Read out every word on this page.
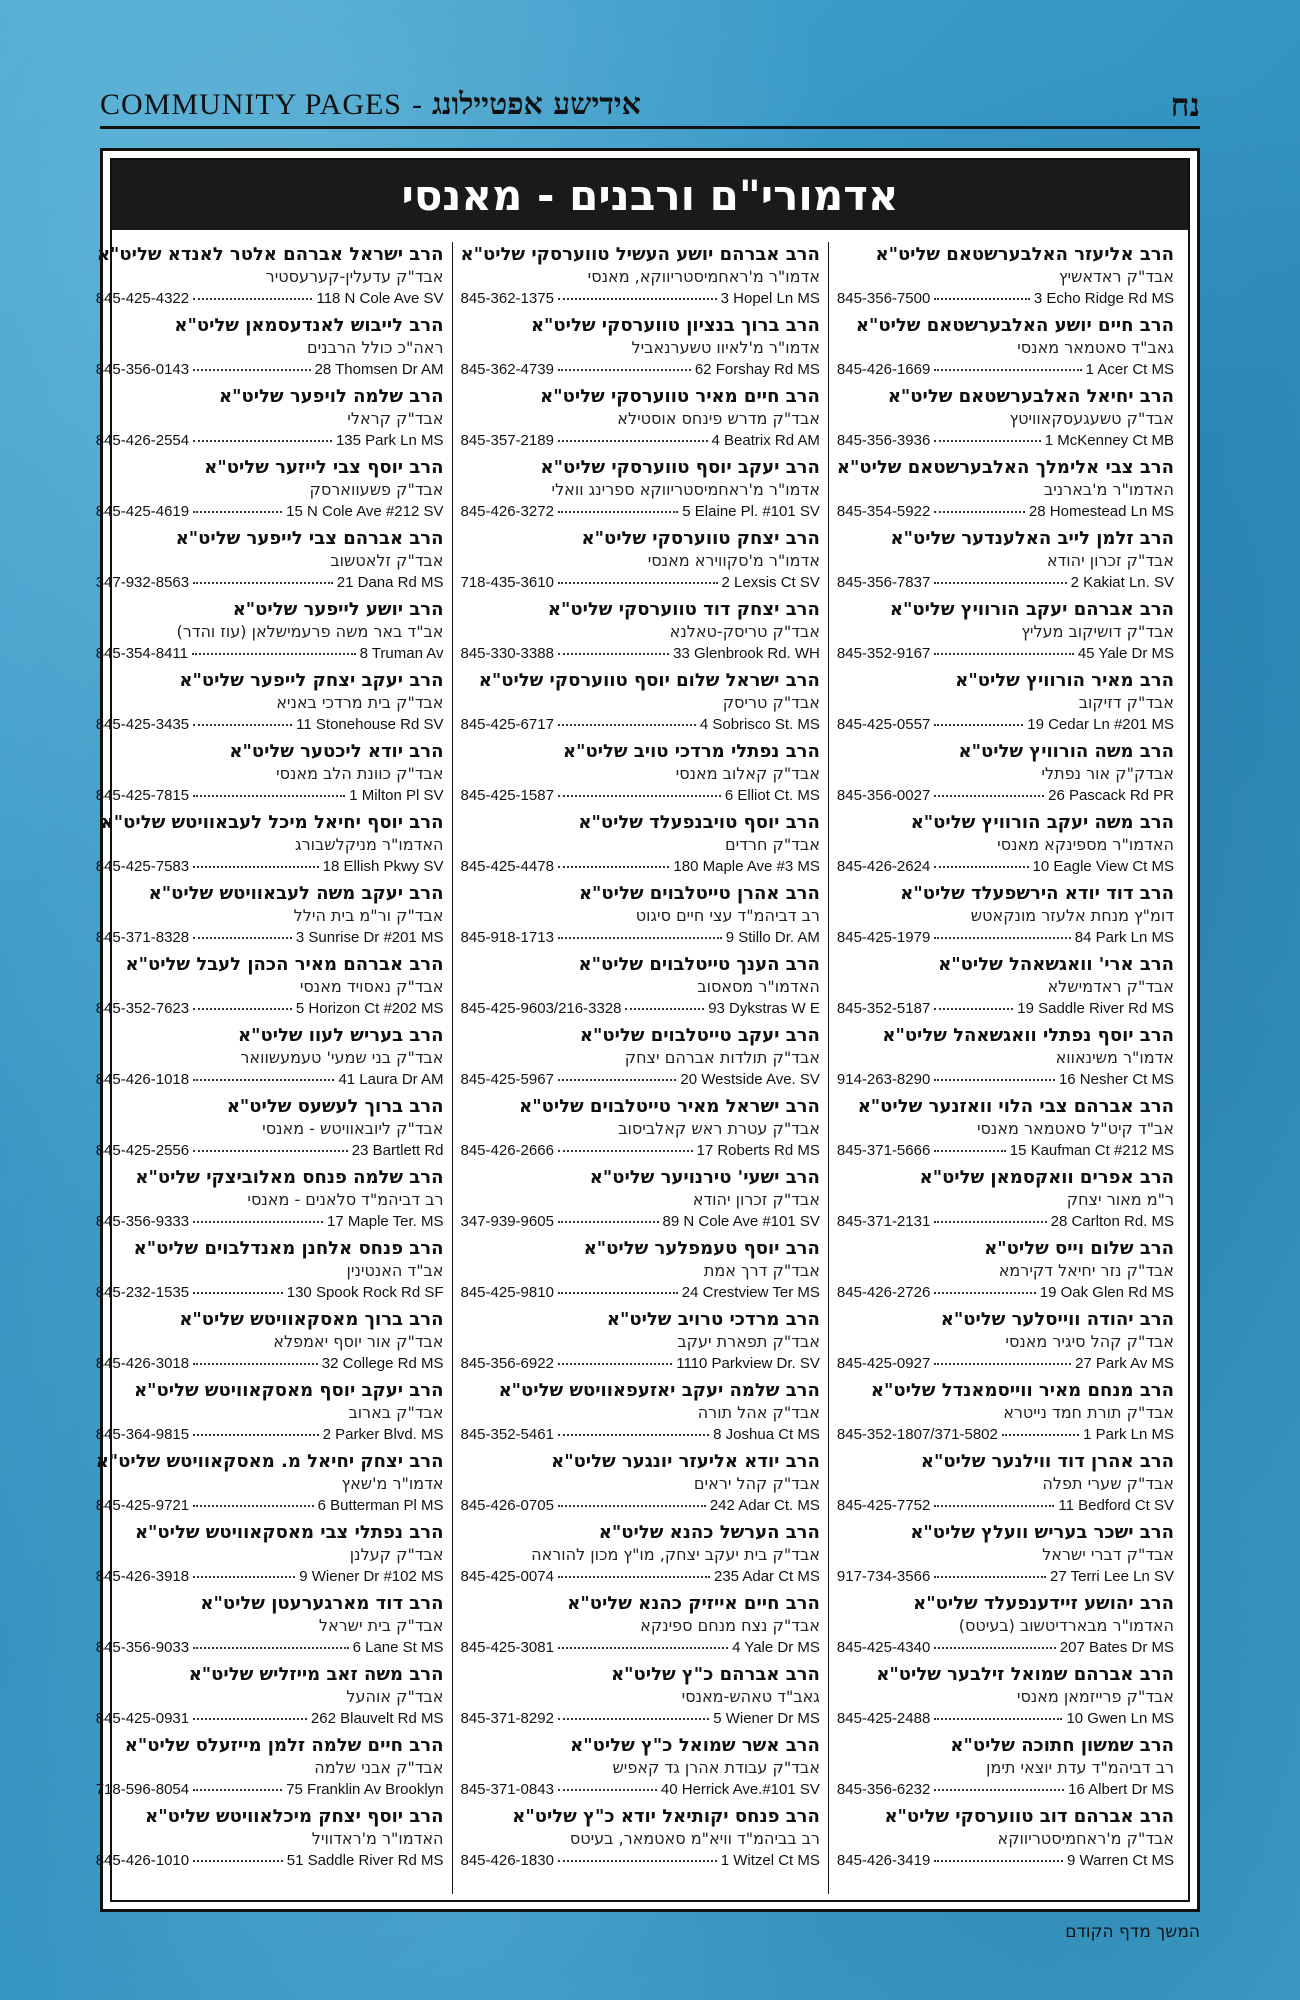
COMMUNITY PAGES - אידישע אפטיילונג	נח
אדמורי"ם ורבנים - מאנסי
הרב אליעזר האלבערשטאם שליט"א
אבד"ק ראדאשיץ
845-356-7500	3 Echo Ridge Rd MS
הרב חיים יושע האלבערשטאם שליט"א
גאב"ד סאטמאר מאנסי
845-426-1669	1 Acer Ct MS
הרב יחיאל האלבערשטאם שליט"א
אבד"ק טשעגעסקאוויטץ
845-356-3936	1 McKenney Ct MB
הרב צבי אלימלך האלבערשטאם שליט"א
האדמו"ר מ'בארניב
845-354-5922	28 Homestead Ln MS
הרב זלמן לייב האלענדער שליט"א
אבד"ק זכרון יהודא
845-356-7837	2 Kakiat Ln. SV
הרב אברהם יעקב הורוויץ שליט"א
אבד"ק דושיקוב מעליץ
845-352-9167	45 Yale Dr MS
הרב מאיר הורוויץ שליט"א
אבד"ק דזיקוב
845-425-0557	19 Cedar Ln #201 MS
הרב משה הורוויץ שליט"א
אבדק"ק אור נפתלי
845-356-0027	26 Pascack Rd PR
הרב משה יעקב הורוויץ שליט"א
האדמו"ר מספינקא מאנסי
845-426-2624	10 Eagle View Ct MS
הרב דוד יודא הירשפעלד שליט"א
דומ"ץ מנחת אלעזר מונקאטש
845-425-1979	84 Park Ln MS
הרב ארי' וואגשאהל שליט"א
אבד"ק ראדמישלא
845-352-5187	19 Saddle River Rd MS
הרב יוסף נפתלי וואגשאהל שליט"א
אדמו"ר משינאווא
914-263-8290	16 Nesher Ct MS
הרב אברהם צבי הלוי וואזנער שליט"א
אב"ד קיט"ל סאטמאר מאנסי
845-371-5666	15 Kaufman Ct #212 MS
הרב אפרים וואקסמאן שליט"א
ר"מ מאור יצחק
845-371-2131	28 Carlton Rd. MS
הרב שלום וייס שליט"א
אבד"ק נזר יחיאל דקירמא
845-426-2726	19 Oak Glen Rd MS
הרב יהודה ווייסלער שליט"א
אבד"ק קהל סיגיר מאנסי
845-425-0927	27 Park Av MS
הרב מנחם מאיר ווייסמאנדל שליט"א
אבד"ק תורת חמד נייטרא
845-352-1807/371-5802	1 Park Ln MS
הרב אהרן דוד ווילנער שליט"א
אבד"ק שערי תפלה
845-425-7752	11 Bedford Ct SV
הרב ישכר בעריש וועלץ שליט"א
אבד"ק דברי ישראל
917-734-3566	27 Terri Lee Ln SV
הרב יהושע זיידענפעלד שליט"א
האדמו"ר מבארדיטשוב (בעיטס)
845-425-4340	207 Bates Dr MS
הרב אברהם שמואל זילבער שליט"א
אבד"ק פרייזמאן מאנסי
845-425-2488	10 Gwen Ln MS
הרב שמשון חתוכה שליט"א
רב דביהמ"ד עדת יוצאי תימן
845-356-6232	16 Albert Dr MS
הרב אברהם דוב טווערסקי שליט"א
אבד"ק מ'ראחמיסטריווקא
845-426-3419	9 Warren Ct MS
הרב אברהם יושע העשיל טווערסקי שליט"א
אדמו"ר מ'ראחמיסטריווקא, מאנסי
845-362-1375	3 Hopel Ln MS
הרב ברוך בנציון טווערסקי שליט"א
אדמו"ר מ'לאיוו טשערנאביל
845-362-4739	62 Forshay Rd MS
הרב חיים מאיר טווערסקי שליט"א
אבד"ק מדרש פינחס אוסטילא
845-357-2189	4 Beatrix Rd AM
הרב יעקב יוסף טווערסקי שליט"א
אדמו"ר מ'ראחמיסטריווקא ספרינג וואלי
845-426-3272	5 Elaine Pl. #101 SV
הרב יצחק טווערסקי שליט"א
אדמו"ר מ'סקווירא מאנסי
718-435-3610	2 Lexsis Ct SV
הרב יצחק דוד טווערסקי שליט"א
אבד"ק טריסק-טאלנא
845-330-3388	33 Glenbrook Rd. WH
הרב ישראל שלום יוסף טווערסקי שליט"א
אבד"ק טריסק
845-425-6717	4 Sobrisco St. MS
הרב נפתלי מרדכי טויב שליט"א
אבד"ק קאלוב מאנסי
845-425-1587	6 Elliot Ct. MS
הרב יוסף טויבנפעלד שליט"א
אבד"ק חרדים
845-425-4478	180 Maple Ave #3 MS
הרב אהרן טייטלבוים שליט"א
רב דביהמ"ד עצי חיים סיגוט
845-918-1713	9 Stillo Dr. AM
הרב הענך טייטלבוים שליט"א
האדמו"ר מסאסוב
845-425-9603/216-3328	93 Dykstras W E
הרב יעקב טייטלבוים שליט"א
אבד"ק תולדות אברהם יצחק
845-425-5967	20 Westside Ave. SV
הרב ישראל מאיר טייטלבוים שליט"א
אבד"ק עטרת ראש קאלביסוב
845-426-2666	17 Roberts Rd MS
הרב ישעי' טירנויער שליט"א
אבד"ק זכרון יהודא
347-939-9605	89 N Cole Ave #101 SV
הרב יוסף טעמפלער שליט"א
אבד"ק דרך אמת
845-425-9810	24 Crestview Ter MS
הרב מרדכי טרויב שליט"א
אבד"ק תפארת יעקב
845-356-6922	1110 Parkview Dr. SV
הרב שלמה יעקב יאזעפאוויטש שליט"א
אבד"ק אהל תורה
845-352-5461	8 Joshua Ct MS
הרב יודא אליעזר יונגער שליט"א
אבד"ק קהל יראים
845-426-0705	242 Adar Ct. MS
הרב הערשל כהנא שליט"א
אבד"ק בית יעקב יצחק, מו"ץ מכון להוראה
845-425-0074	235 Adar Ct MS
הרב חיים אייזיק כהנא שליט"א
אבד"ק נצח מנחם ספינקא
845-425-3081	4 Yale Dr MS
הרב אברהם כ"ץ שליט"א
גאב"ד טאהש-מאנסי
845-371-8292	5 Wiener Dr MS
הרב אשר שמואל כ"ץ שליט"א
אבד"ק עבודת אהרן גד קאפיש
845-371-0843	40 Herrick Ave.#101 SV
הרב פנחס יקותיאל יודא כ"ץ שליט"א
רב בביהמ"ד וויא"מ סאטמאר, בעיטס
845-426-1830	1 Witzel Ct MS
הרב ישראל אברהם אלטר לאנדא שליט"א
אבד"ק עדעלין-קערעסטיר
845-425-4322	118 N Cole Ave SV
הרב לייבוש לאנדעסמאן שליט"א
ראה"כ כולל הרבנים
845-356-0143	28 Thomsen Dr AM
הרב שלמה לויפער שליט"א
אבד"ק קראלי
845-426-2554	135 Park Ln MS
הרב יוסף צבי לייזער שליט"א
אבד"ק פשעווארסק
845-425-4619	15 N Cole Ave #212 SV
הרב אברהם צבי לייפער שליט"א
אבד"ק זלאטשוב
347-932-8563	21 Dana Rd MS
הרב יושע לייפער שליט"א
אב"ד באר משה פרעמישלאן (עוז והדר)
845-354-8411	8 Truman Av
הרב יעקב יצחק לייפער שליט"א
אבד"ק בית מרדכי באניא
845-425-3435	11 Stonehouse Rd SV
הרב יודא ליכטער שליט"א
אבד"ק כוונת הלב מאנסי
845-425-7815	1 Milton Pl SV
הרב יוסף יחיאל מיכל לעבאוויטש שליט"א
האדמו"ר מניקלשבורג
845-425-7583	18 Ellish Pkwy SV
הרב יעקב משה לעבאוויטש שליט"א
אבד"ק ור"מ בית הילל
845-371-8328	3 Sunrise Dr #201 MS
הרב אברהם מאיר הכהן לעבל שליט"א
אבד"ק נאסויד מאנסי
845-352-7623	5 Horizon Ct #202 MS
הרב בעריש לעוו שליט"א
אבד"ק בני שמעי' טעמעשוואר
845-426-1018	41 Laura Dr AM
הרב ברוך לעשעס שליט"א
אבד"ק ליובאוויטש - מאנסי
845-425-2556	23 Bartlett Rd
הרב שלמה פנחס מאלוביצקי שליט"א
רב דביהמ"ד סלאנים - מאנסי
845-356-9333	17 Maple Ter. MS
הרב פנחס אלחנן מאנדלבוים שליט"א
אב"ד האנטינין
845-232-1535	130 Spook Rock Rd SF
הרב ברוך מאסקאוויטש שליט"א
אבד"ק אור יוסף יאמפלא
845-426-3018	32 College Rd MS
הרב יעקב יוסף מאסקאוויטש שליט"א
אבד"ק בארוב
845-364-9815	2 Parker Blvd. MS
הרב יצחק יחיאל מ. מאסקאוויטש שליט"א
אדמו"ר מ'שאץ
845-425-9721	6 Butterman Pl MS
הרב נפתלי צבי מאסקאוויטש שליט"א
אבד"ק קעלנן
845-426-3918	9 Wiener Dr #102 MS
הרב דוד מארגערעטן שליט"א
אבד"ק בית ישראל
845-356-9033	6 Lane St MS
הרב משה זאב מייזליש שליט"א
אבד"ק אוהעל
845-425-0931	262 Blauvelt Rd MS
הרב חיים שלמה זלמן מייזעלס שליט"א
אבד"ק אבני שלמה
718-596-8054	75 Franklin Av Brooklyn
הרב יוסף יצחק מיכלאוויטש שליט"א
האדמו"ר מ'ראדוויל
845-426-1010	51 Saddle River Rd MS
המשך מדף הקודם
